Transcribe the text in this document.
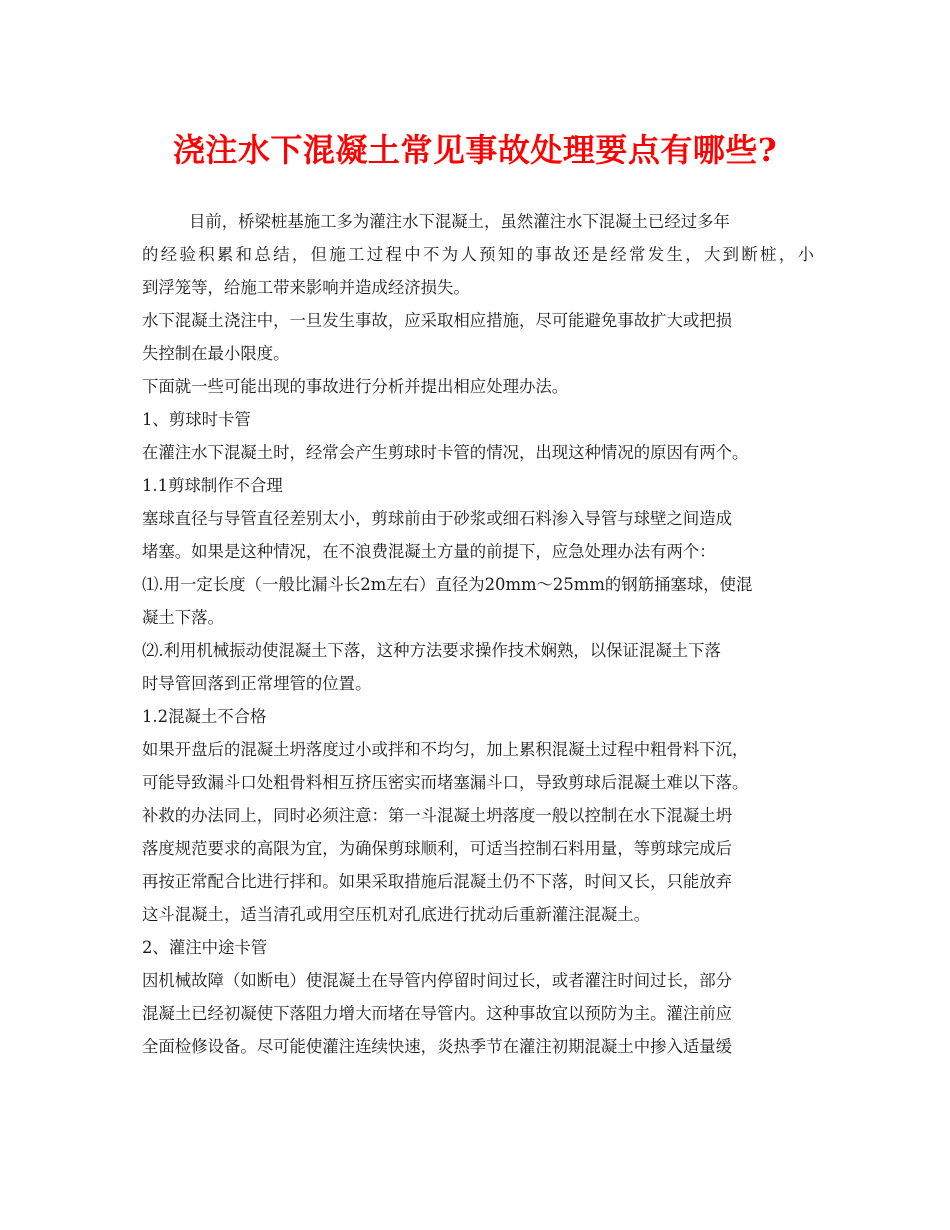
浇注水下混凝土常见事故处理要点有哪些?
目前，桥梁桩基施工多为灌注水下混凝土，虽然灌注水下混凝土已经过多年
的经验积累和总结，但施工过程中不为人预知的事故还是经常发生，大到断桩，小
到浮笼等，给施工带来影响并造成经济损失。
水下混凝土浇注中，一旦发生事故，应采取相应措施，尽可能避免事故扩大或把损
失控制在最小限度。
下面就一些可能出现的事故进行分析并提出相应处理办法。
1、剪球时卡管
在灌注水下混凝土时，经常会产生剪球时卡管的情况，出现这种情况的原因有两个。
1.1剪球制作不合理
塞球直径与导管直径差别太小，剪球前由于砂浆或细石料渗入导管与球壁之间造成
堵塞。如果是这种情况，在不浪费混凝土方量的前提下，应急处理办法有两个：
⑴.用一定长度（一般比漏斗长2m左右）直径为20mm～25mm的钢筋捅塞球，使混
凝土下落。
⑵.利用机械振动使混凝土下落，这种方法要求操作技术娴熟，以保证混凝土下落
时导管回落到正常埋管的位置。
1.2混凝土不合格
如果开盘后的混凝土坍落度过小或拌和不均匀，加上累积混凝土过程中粗骨料下沉，
可能导致漏斗口处粗骨料相互挤压密实而堵塞漏斗口，导致剪球后混凝土难以下落。
补救的办法同上，同时必须注意：第一斗混凝土坍落度一般以控制在水下混凝土坍
落度规范要求的高限为宜，为确保剪球顺利，可适当控制石料用量，等剪球完成后
再按正常配合比进行拌和。如果采取措施后混凝土仍不下落，时间又长，只能放弃
这斗混凝土，适当清孔或用空压机对孔底进行扰动后重新灌注混凝土。
2、灌注中途卡管
因机械故障（如断电）使混凝土在导管内停留时间过长，或者灌注时间过长，部分
混凝土已经初凝使下落阻力增大而堵在导管内。这种事故宜以预防为主。灌注前应
全面检修设备。尽可能使灌注连续快速，炎热季节在灌注初期混凝土中掺入适量缓
